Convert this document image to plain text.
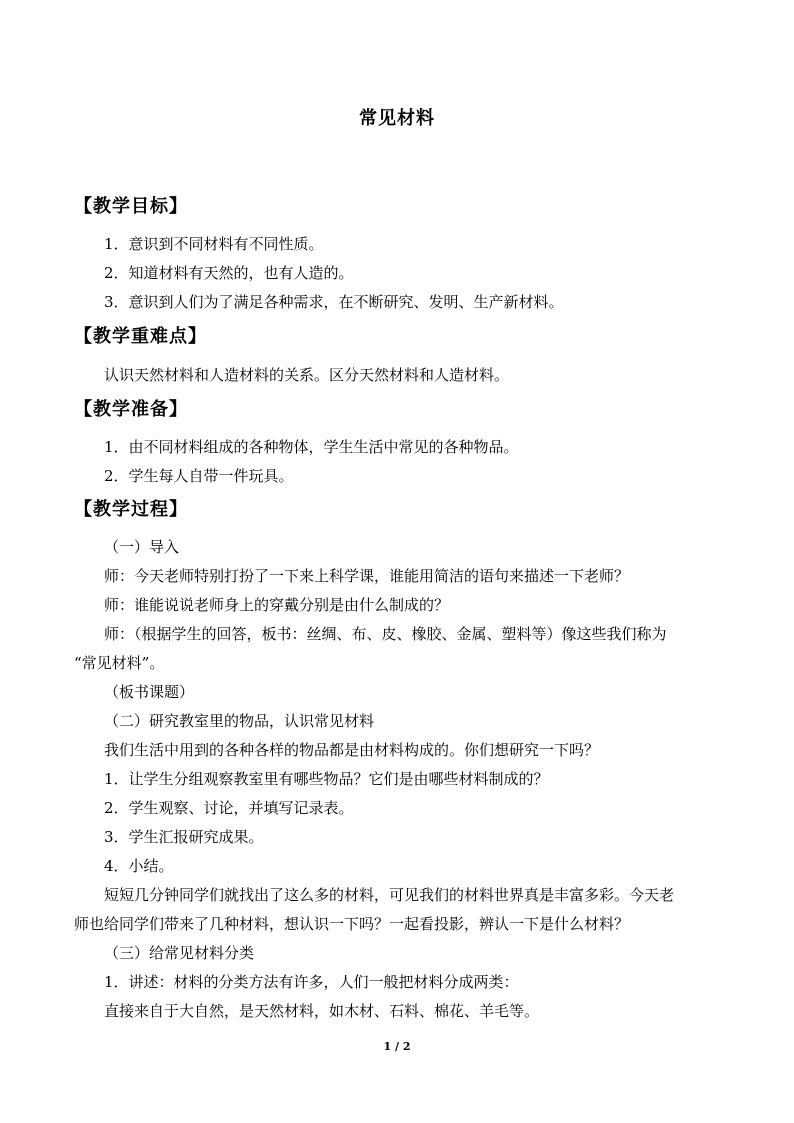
常见材料
【教学目标】
1．意识到不同材料有不同性质。
2．知道材料有天然的，也有人造的。
3．意识到人们为了满足各种需求，在不断研究、发明、生产新材料。
【教学重难点】
认识天然材料和人造材料的关系。区分天然材料和人造材料。
【教学准备】
1．由不同材料组成的各种物体，学生生活中常见的各种物品。
2．学生每人自带一件玩具。
【教学过程】
（一）导入
师：今天老师特别打扮了一下来上科学课，谁能用简洁的语句来描述一下老师？
师：谁能说说老师身上的穿戴分别是由什么制成的？
师：（根据学生的回答，板书：丝绸、布、皮、橡胶、金属、塑料等）像这些我们称为
“常见材料”。
（板书课题）
（二）研究教室里的物品，认识常见材料
我们生活中用到的各种各样的物品都是由材料构成的。你们想研究一下吗？
1．让学生分组观察教室里有哪些物品？它们是由哪些材料制成的？
2．学生观察、讨论，并填写记录表。
3．学生汇报研究成果。
4．小结。
短短几分钟同学们就找出了这么多的材料，可见我们的材料世界真是丰富多彩。今天老
师也给同学们带来了几种材料，想认识一下吗？一起看投影，辨认一下是什么材料？
（三）给常见材料分类
1．讲述：材料的分类方法有许多，人们一般把材料分成两类：
直接来自于大自然，是天然材料，如木材、石料、棉花、羊毛等。
1 / 2
